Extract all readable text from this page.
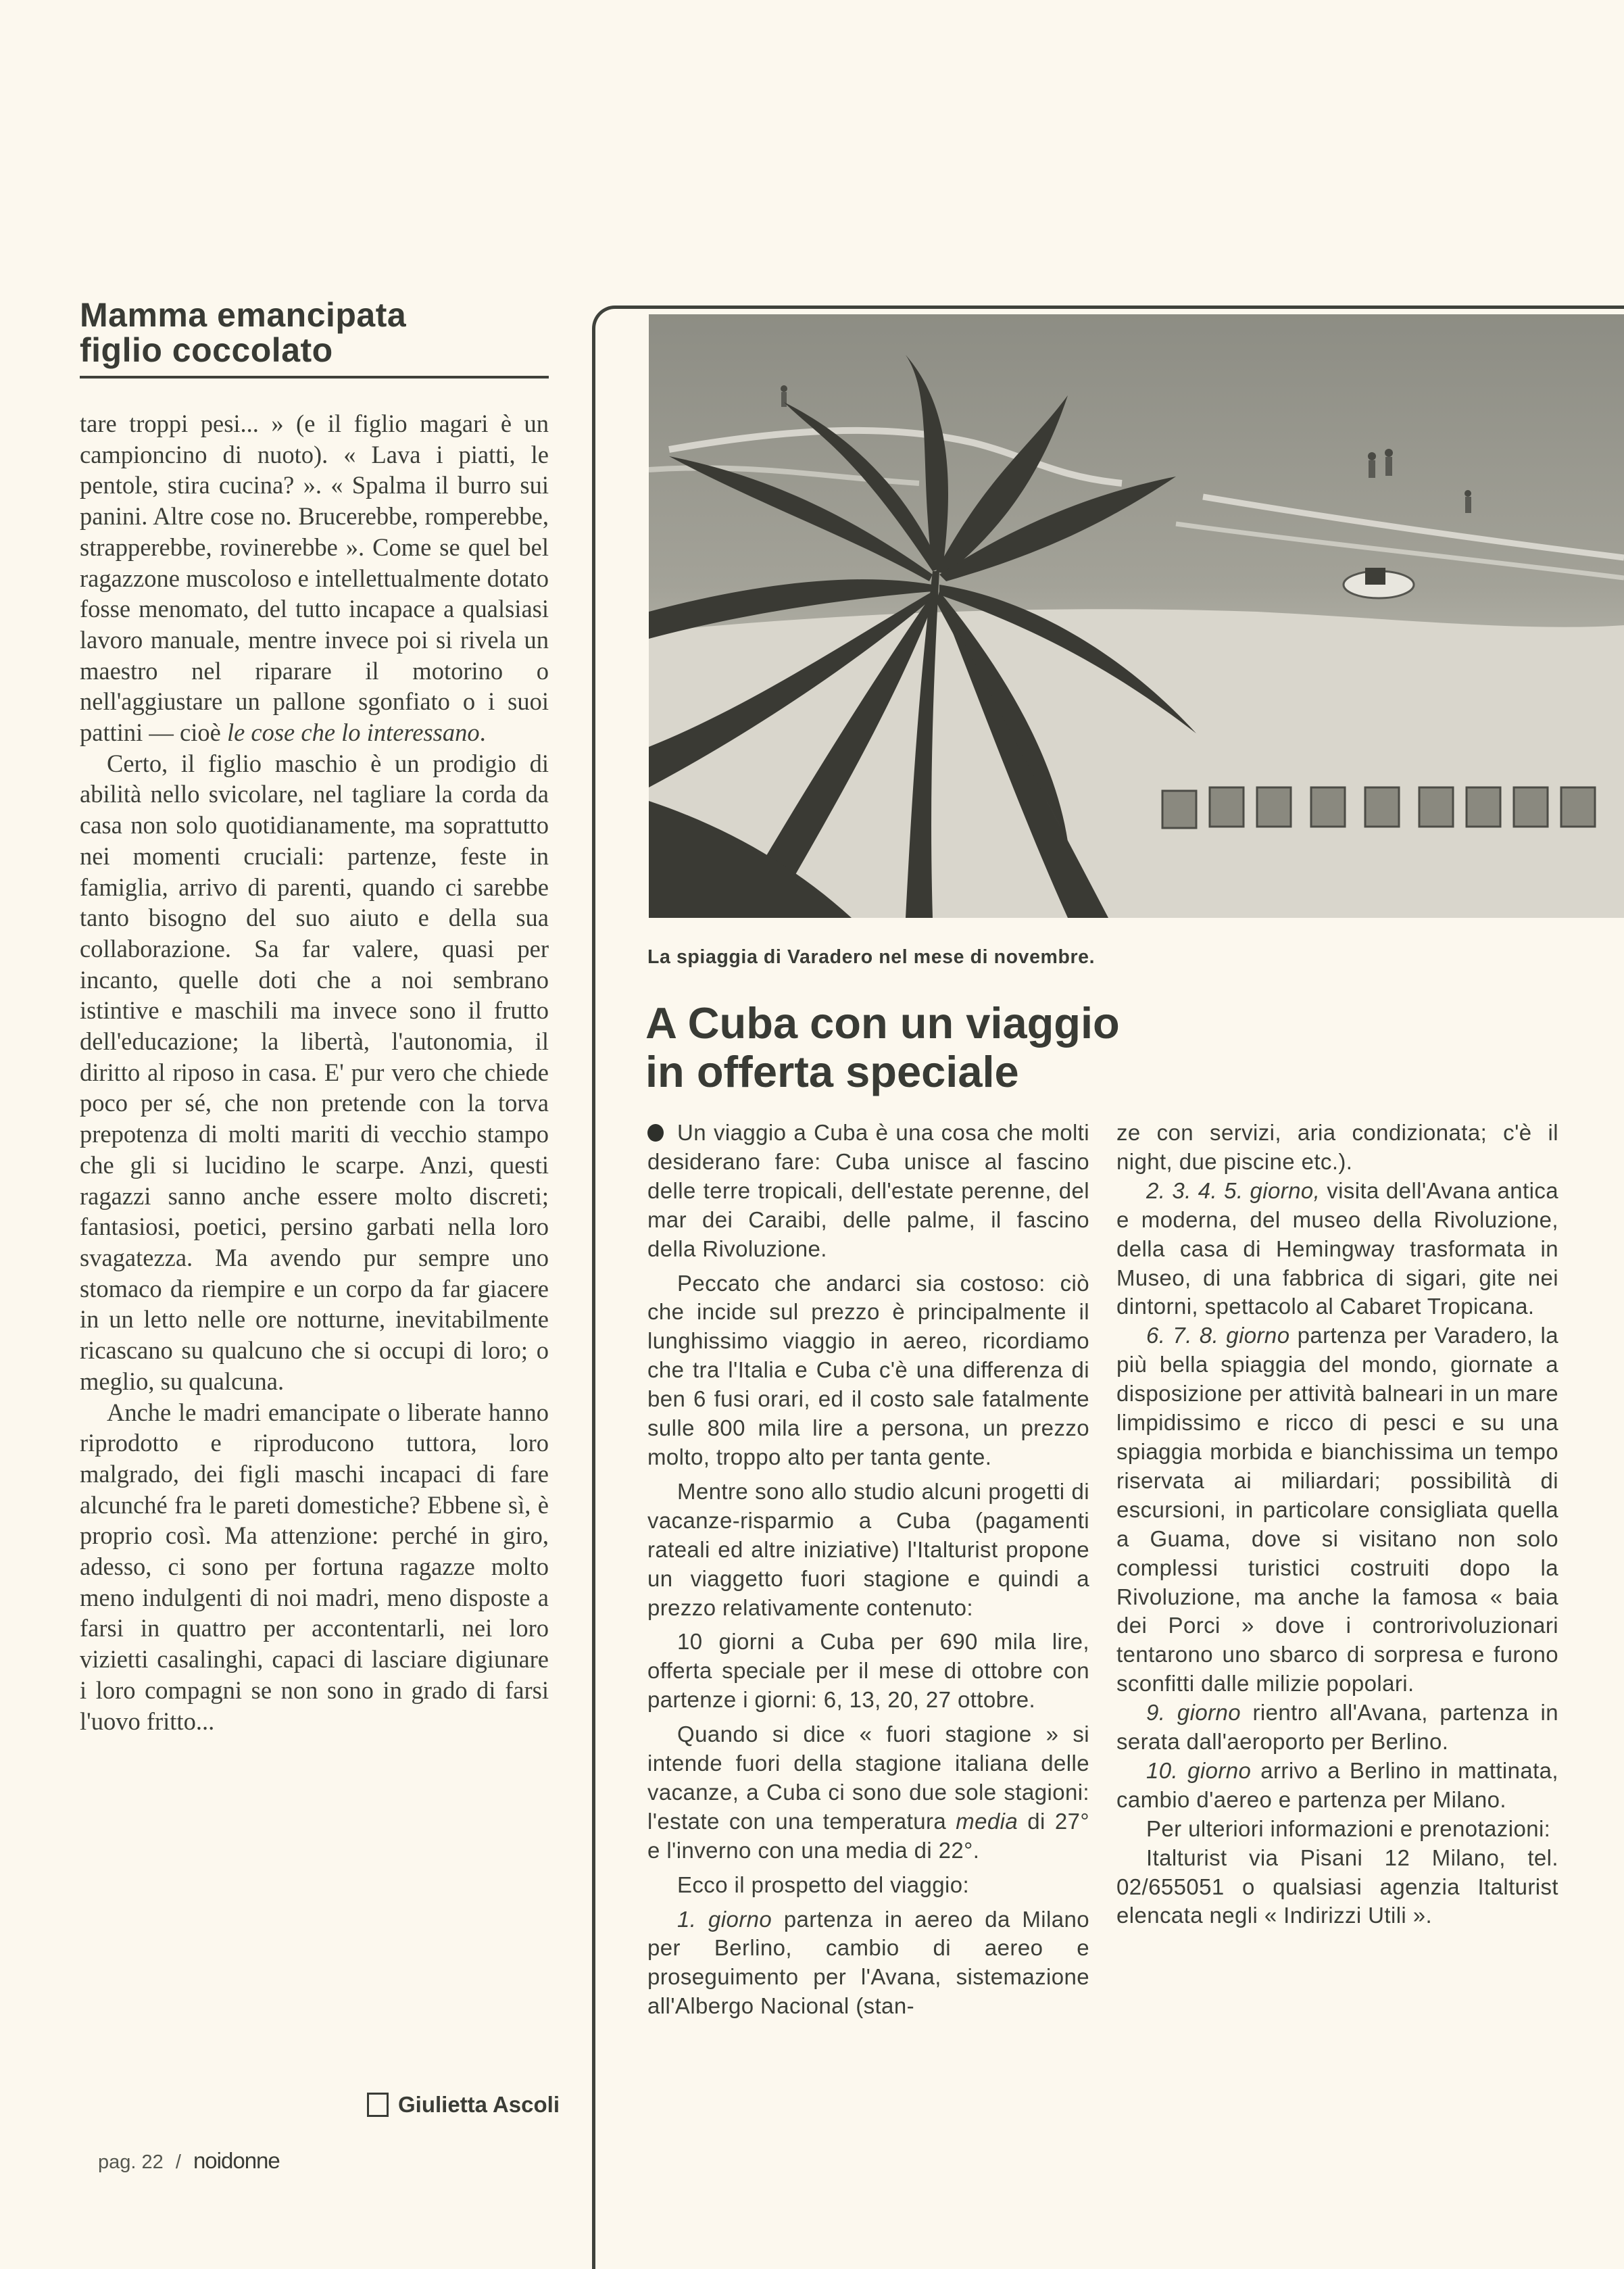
Mamma emancipata
figlio coccolato

tare troppi pesi... » (e il figlio magari è un campioncino di nuoto). « Lava i piatti, le pentole, stira cucina? ». « Spalma il burro sui panini. Altre cose no. Brucerebbe, romperebbe, strapperebbe, rovinerebbe ». Come se quel bel ragazzone muscoloso e intellettualmente dotato fosse menomato, del tutto incapace a qualsiasi lavoro manuale, mentre invece poi si rivela un maestro nel riparare il motorino o nell'aggiustare un pallone sgonfiato o i suoi pattini — cioè le cose che lo interessano.

Certo, il figlio maschio è un prodigio di abilità nello svicolare, nel tagliare la corda da casa non solo quotidianamente, ma soprattutto nei momenti cruciali: partenze, feste in famiglia, arrivo di parenti, quando ci sarebbe tanto bisogno del suo aiuto e della sua collaborazione. Sa far valere, quasi per incanto, quelle doti che a noi sembrano istintive e maschili ma invece sono il frutto dell'educazione; la libertà, l'autonomia, il diritto al riposo in casa. E' pur vero che chiede poco per sé, che non pretende con la torva prepotenza di molti mariti di vecchio stampo che gli si lucidino le scarpe. Anzi, questi ragazzi sanno anche essere molto discreti; fantasiosi, poetici, persino garbati nella loro svagatezza. Ma avendo pur sempre uno stomaco da riempire e un corpo da far giacere in un letto nelle ore notturne, inevitabilmente ricascano su qualcuno che si occupi di loro; o meglio, su qualcuna.

Anche le madri emancipate o liberate hanno riprodotto e riproducono tuttora, loro malgrado, dei figli maschi incapaci di fare alcunché fra le pareti domestiche? Ebbene sì, è proprio così. Ma attenzione: perché in giro, adesso, ci sono per fortuna ragazze molto meno indulgenti di noi madri, meno disposte a farsi in quattro per accontentarli, nei loro vizietti casalinghi, capaci di lasciare digiunare i loro compagni se non sono in grado di farsi l'uovo fritto...

Giulietta Ascoli
pag. 22 / noidonne
La spiaggia di Varadero nel mese di novembre.
A Cuba con un viaggio
in offerta speciale

Un viaggio a Cuba è una cosa che molti desiderano fare: Cuba unisce al fascino delle terre tropicali, dell'estate perenne, del mar dei Caraibi, delle palme, il fascino della Rivoluzione.

Peccato che andarci sia costoso: ciò che incide sul prezzo è principalmente il lunghissimo viaggio in aereo, ricordiamo che tra l'Italia e Cuba c'è una differenza di ben 6 fusi orari, ed il costo sale fatalmente sulle 800 mila lire a persona, un prezzo molto, troppo alto per tanta gente.

Mentre sono allo studio alcuni progetti di vacanze-risparmio a Cuba (pagamenti rateali ed altre iniziative) l'Italturist propone un viaggetto fuori stagione e quindi a prezzo relativamente contenuto:

10 giorni a Cuba per 690 mila lire, offerta speciale per il mese di ottobre con partenze i giorni: 6, 13, 20, 27 ottobre.

Quando si dice « fuori stagione » si intende fuori della stagione italiana delle vacanze, a Cuba ci sono due sole stagioni: l'estate con una temperatura media di 27° e l'inverno con una media di 22°.

Ecco il prospetto del viaggio:

1. giorno partenza in aereo da Milano per Berlino, cambio di aereo e proseguimento per l'Avana, sistemazione all'Albergo Nacional (stan-

ze con servizi, aria condizionata; c'è il night, due piscine etc.).

2. 3. 4. 5. giorno, visita dell'Avana antica e moderna, del museo della Rivoluzione, della casa di Hemingway trasformata in Museo, di una fabbrica di sigari, gite nei dintorni, spettacolo al Cabaret Tropicana.

6. 7. 8. giorno partenza per Varadero, la più bella spiaggia del mondo, giornate a disposizione per attività balneari in un mare limpidissimo e ricco di pesci e su una spiaggia morbida e bianchissima un tempo riservata ai miliardari; possibilità di escursioni, in particolare consigliata quella a Guama, dove si visitano non solo complessi turistici costruiti dopo la Rivoluzione, ma anche la famosa « baia dei Porci » dove i controrivoluzionari tentarono uno sbarco di sorpresa e furono sconfitti dalle milizie popolari.

9. giorno rientro all'Avana, partenza in serata dall'aeroporto per Berlino.

10. giorno arrivo a Berlino in mattinata, cambio d'aereo e partenza per Milano.

Per ulteriori informazioni e prenotazioni:

Italturist via Pisani 12 Milano, tel. 02/655051 o qualsiasi agenzia Italturist elencata negli « Indirizzi Utili ».
